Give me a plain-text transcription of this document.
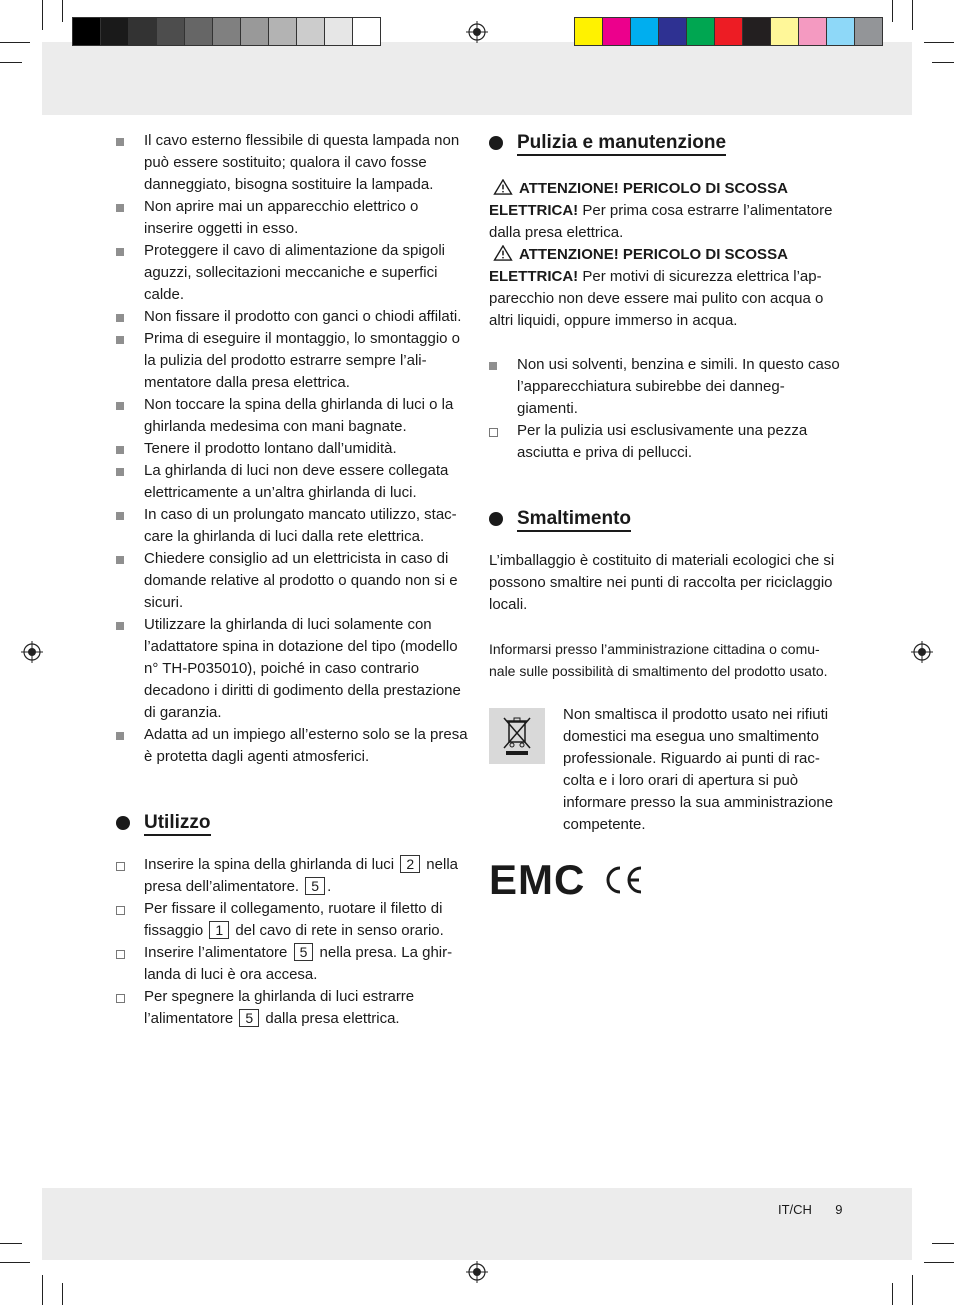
Il cavo esterno flessibile di questa lampada non può essere sostituito; qualora il cavo fosse danneggiato, bisogna sostituire la lampada.
Non aprire mai un apparecchio elettrico o inserire oggetti in esso.
Proteggere il cavo di alimentazione da spigoli aguzzi, sollecitazioni meccaniche e superfici calde.
Non fissare il prodotto con ganci o chiodi affilati.
Prima di eseguire il montaggio, lo smontaggio o la pulizia del prodotto estrarre sempre l’ali-mentatore dalla presa elettrica.
Non toccare la spina della ghirlanda di luci o la ghirlanda medesima con mani bagnate.
Tenere il prodotto lontano dall’umidità.
La ghirlanda di luci non deve essere collegata elettricamente a un’altra ghirlanda di luci.
In caso di un prolungato mancato utilizzo, stac-care la ghirlanda di luci dalla rete elettrica.
Chiedere consiglio ad un elettricista in caso di domande relative al prodotto o quando non si e sicuri.
Utilizzare la ghirlanda di luci solamente con l’adattatore spina in dotazione del tipo (modello n° TH-P035010), poiché in caso contrario decadono i diritti di godimento della prestazione di garanzia.
Adatta ad un impiego all’esterno solo se la presa è protetta dagli agenti atmosferici.
Utilizzo
Inserire la spina della ghirlanda di luci 2 nella presa dell’alimentatore. 5 .
Per fissare il collegamento, ruotare il filetto di fissaggio 1 del cavo di rete in senso orario.
Inserire l’alimentatore 5 nella presa. La ghir-landa di luci è ora accesa.
Per spegnere la ghirlanda di luci estrarre l’alimentatore 5 dalla presa elettrica.
Pulizia e manutenzione

ATTENZIONE! PERICOLO DI SCOSSA ELETTRICA! Per prima cosa estrarre l’alimentatore dalla presa elettrica.

ATTENZIONE! PERICOLO DI SCOSSA ELETTRICA! Per motivi di sicurezza elettrica l’ap-parecchio non deve essere mai pulito con acqua o altri liquidi, oppure immerso in acqua.

Non usi solventi, benzina e simili. In questo caso l’apparecchiatura subirebbe dei danneg-giamenti.
Per la pulizia usi esclusivamente una pezza asciutta e priva di pellucci.
Smaltimento

L’imballaggio è costituito di materiali ecologici che si possono smaltire nei punti di raccolta per riciclaggio locali.

Informarsi presso l’amministrazione cittadina o comu-nale sulle possibilità di smaltimento del prodotto usato.

Non smaltisca il prodotto usato nei rifiuti domestici ma esegua uno smaltimento professionale. Riguardo ai punti di rac-colta e i loro orari di apertura si può informare presso la sua amministrazione competente.

EMC
IT/CH 9
